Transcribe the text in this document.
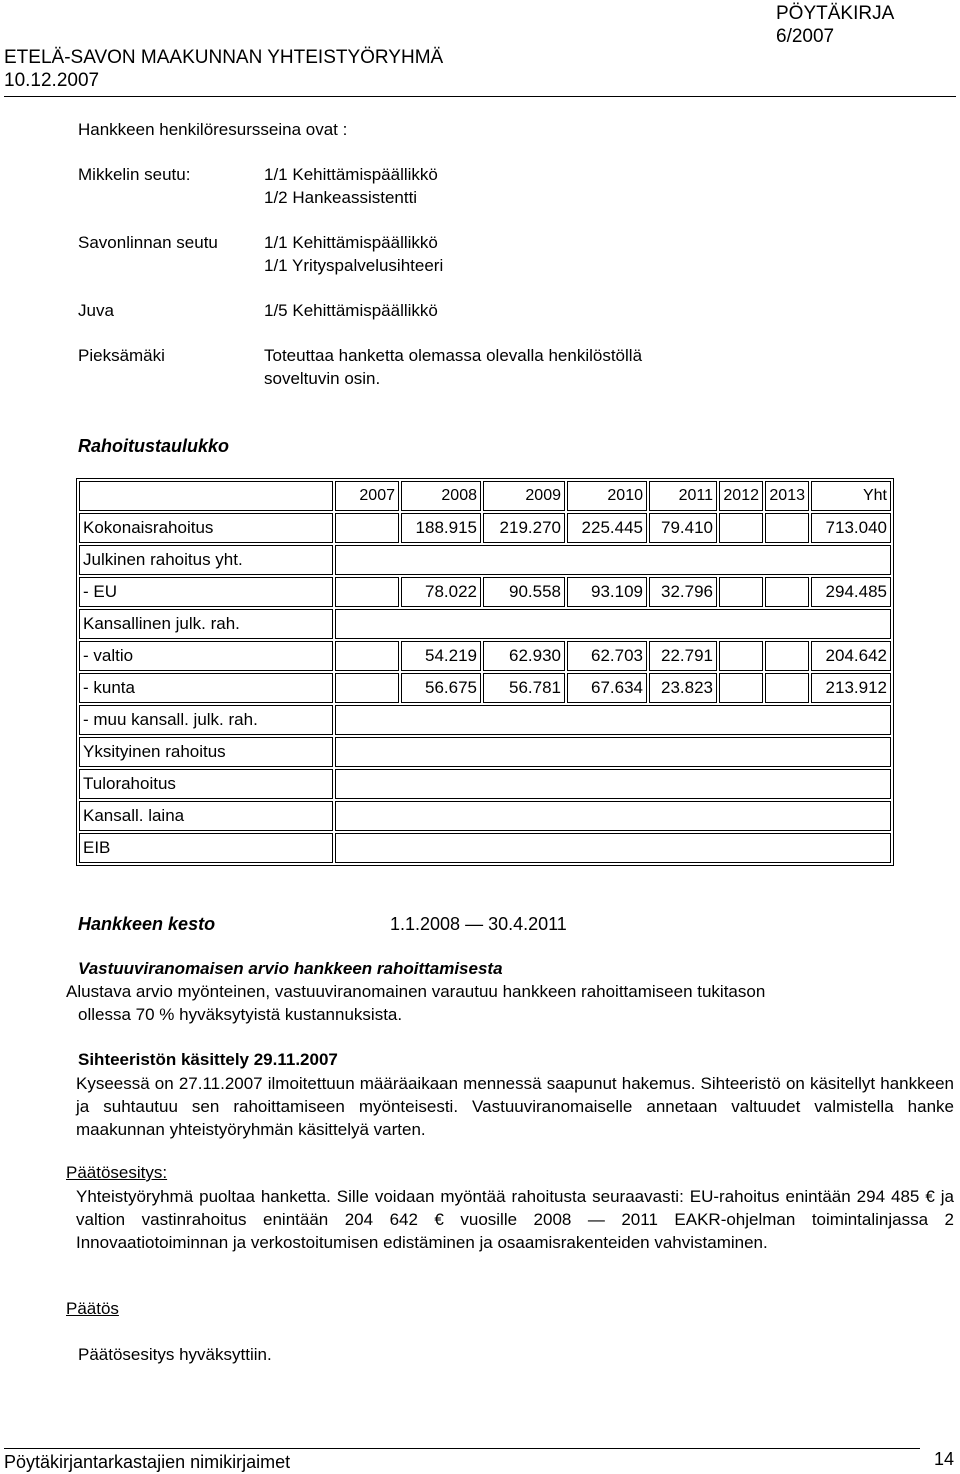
PÖYTÄKIRJA
6/2007
ETELÄ-SAVON MAAKUNNAN YHTEISTYÖRYHMÄ
10.12.2007
Hankkeen henkilöresursseina ovat :
Mikkelin seutu:	1/1 Kehittämispäällikkö
1/2 Hankeassistentti
Savonlinnan seutu	1/1 Kehittämispäällikkö
1/1 Yrityspalvelusihteeri
Juva	1/5 Kehittämispäällikkö
Pieksämäki	Toteuttaa hanketta olemassa olevalla henkilöstöllä
soveltuvin osin.
Rahoitustaulukko
	2007	2008	2009	2010	2011	2012	2013	Yht
Kokonaisrahoitus		188.915	219.270	225.445	79.410			713.040
Julkinen rahoitus yht.								
- EU		78.022	90.558	93.109	32.796			294.485
Kansallinen julk. rah.								
- valtio		54.219	62.930	62.703	22.791			204.642
- kunta		56.675	56.781	67.634	23.823			213.912
- muu kansall. julk. rah.								
Yksityinen rahoitus								
Tulorahoitus								
Kansall. laina								
EIB								
Hankkeen kesto	1.1.2008 — 30.4.2011
Vastuuviranomaisen arvio hankkeen rahoittamisesta
Alustava arvio myönteinen, vastuuviranomainen varautuu hankkeen rahoittamiseen tukitason
ollessa 70 % hyväksytyistä kustannuksista.
Sihteeristön käsittely 29.11.2007
Kyseessä on 27.11.2007 ilmoitettuun määräaikaan mennessä saapunut hakemus. Sihteeristö on käsitellyt hankkeen ja suhtautuu sen rahoittamiseen myönteisesti. Vastuuviranomaiselle annetaan valtuudet valmistella hanke maakunnan yhteistyöryhmän käsittelyä varten.
Päätösesitys:
Yhteistyöryhmä puoltaa hanketta. Sille voidaan myöntää rahoitusta seuraavasti: EU-rahoitus enintään 294 485 € ja valtion vastinrahoitus enintään 204 642 € vuosille 2008 — 2011 EAKR-ohjelman toimintalinjassa 2 Innovaatiotoiminnan ja verkostoitumisen edistäminen ja osaamisrakenteiden vahvistaminen.
Päätös
Päätösesitys hyväksyttiin.
Pöytäkirjantarkastajien nimikirjaimet	14
